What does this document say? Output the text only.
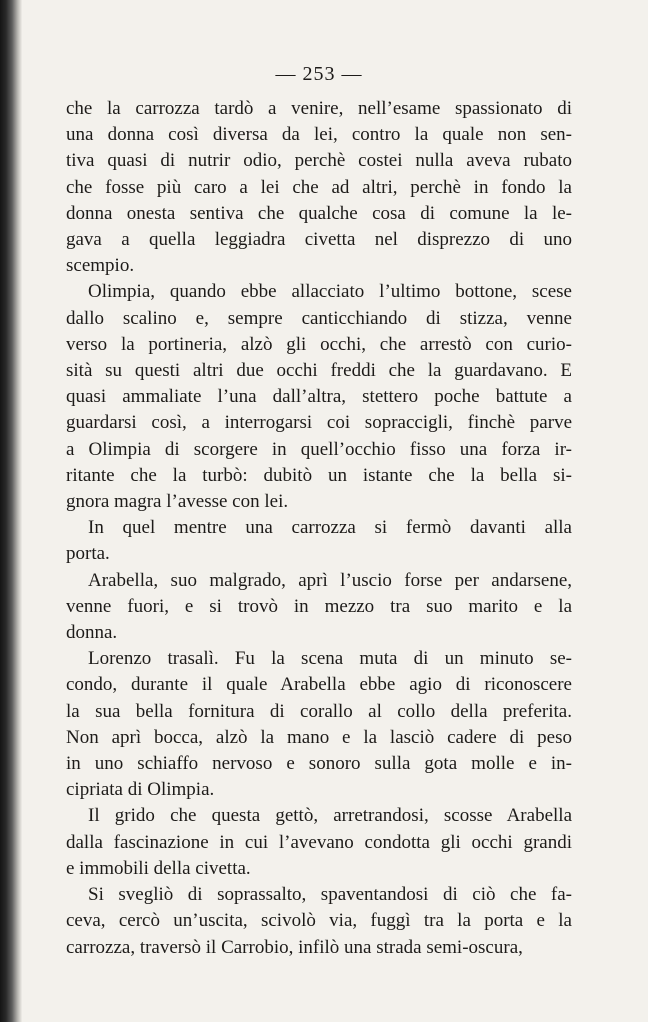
— 253 —

che la carrozza tardò a venire, nell’esame spassionato di
una donna così diversa da lei, contro la quale non sen-
tiva quasi di nutrir odio, perchè costei nulla aveva rubato
che fosse più caro a lei che ad altri, perchè in fondo la
donna onesta sentiva che qualche cosa di comune la le-
gava a quella leggiadra civetta nel disprezzo di uno
scempio.

Olimpia, quando ebbe allacciato l’ultimo bottone, scese
dallo scalino e, sempre canticchiando di stizza, venne
verso la portineria, alzò gli occhi, che arrestò con curio-
sità su questi altri due occhi freddi che la guardavano. E
quasi ammaliate l’una dall’altra, stettero poche battute a
guardarsi così, a interrogarsi coi sopraccigli, finchè parve
a Olimpia di scorgere in quell’occhio fisso una forza ir-
ritante che la turbò: dubitò un istante che la bella si-
gnora magra l’avesse con lei.

In quel mentre una carrozza si fermò davanti alla
porta.

Arabella, suo malgrado, aprì l’uscio forse per andarsene,
venne fuori, e si trovò in mezzo tra suo marito e la
donna.

Lorenzo trasalì. Fu la scena muta di un minuto se-
condo, durante il quale Arabella ebbe agio di riconoscere
la sua bella fornitura di corallo al collo della preferita.
Non aprì bocca, alzò la mano e la lasciò cadere di peso
in uno schiaffo nervoso e sonoro sulla gota molle e in-
cipriata di Olimpia.

Il grido che questa gettò, arretrandosi, scosse Arabella
dalla fascinazione in cui l’avevano condotta gli occhi grandi
e immobili della civetta.

Si svegliò di soprassalto, spaventandosi di ciò che fa-
ceva, cercò un’uscita, scivolò via, fuggì tra la porta e la
carrozza, traversò il Carrobio, infilò una strada semi-oscura,
